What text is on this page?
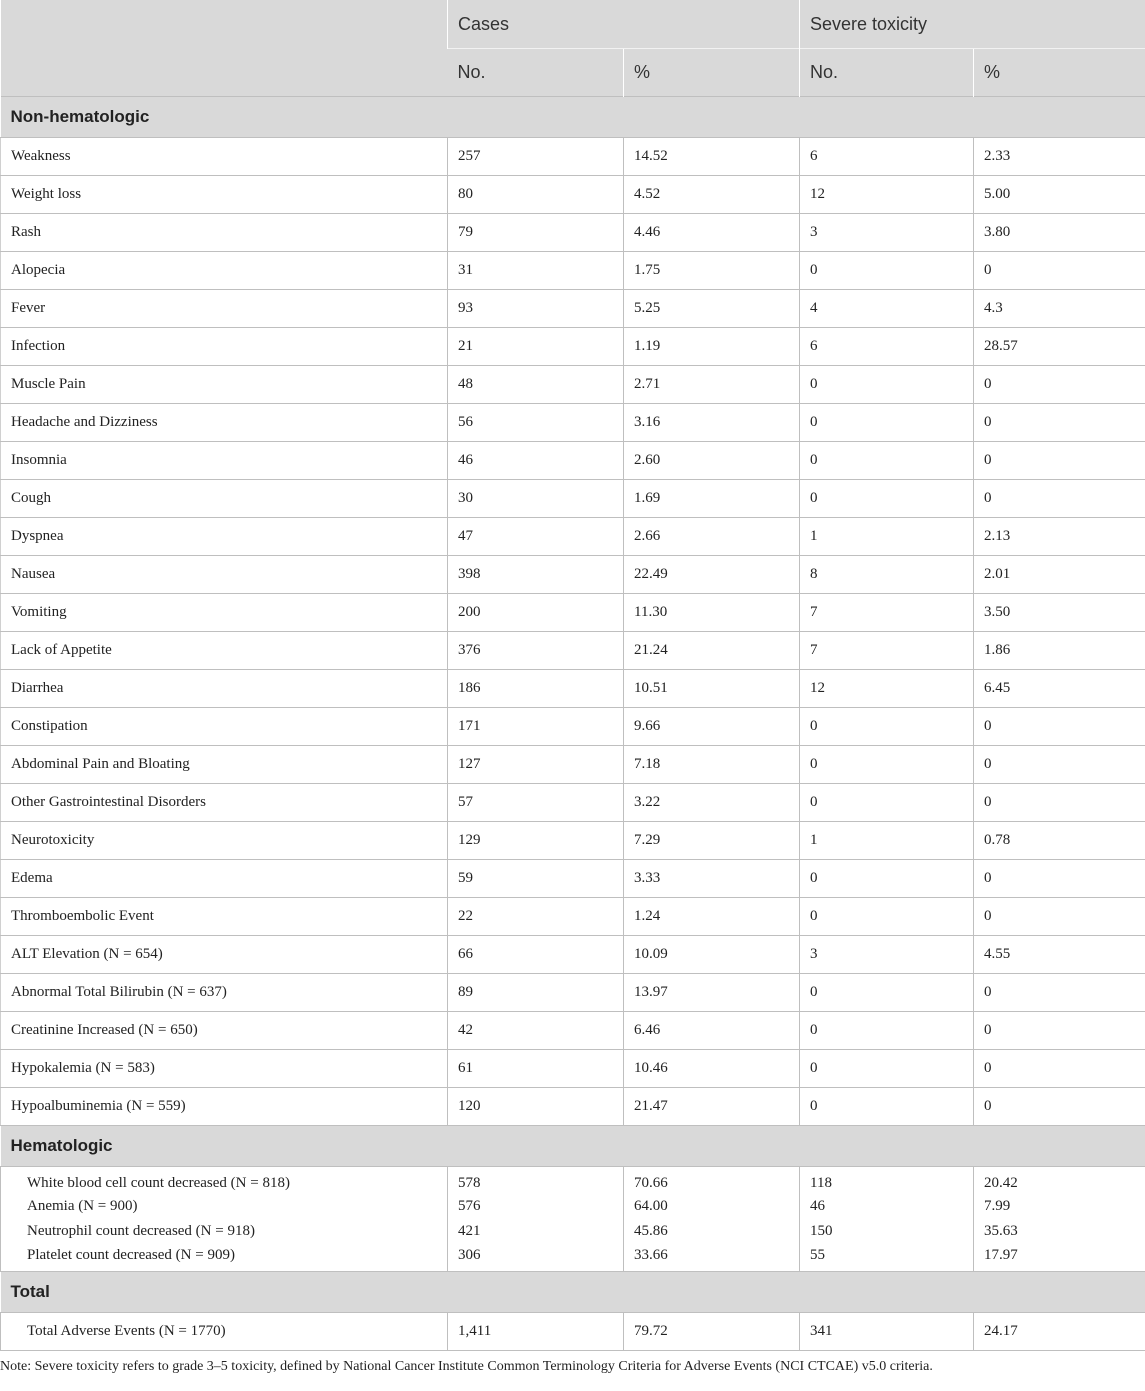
	Cases		Severe toxicity	
	No.	%	No.	%
Non-hematologic				
Weakness	257	14.52	6	2.33
Weight loss	80	4.52	12	5.00
Rash	79	4.46	3	3.80
Alopecia	31	1.75	0	0
Fever	93	5.25	4	4.3
Infection	21	1.19	6	28.57
Muscle Pain	48	2.71	0	0
Headache and Dizziness	56	3.16	0	0
Insomnia	46	2.60	0	0
Cough	30	1.69	0	0
Dyspnea	47	2.66	1	2.13
Nausea	398	22.49	8	2.01
Vomiting	200	11.30	7	3.50
Lack of Appetite	376	21.24	7	1.86
Diarrhea	186	10.51	12	6.45
Constipation	171	9.66	0	0
Abdominal Pain and Bloating	127	7.18	0	0
Other Gastrointestinal Disorders	57	3.22	0	0
Neurotoxicity	129	7.29	1	0.78
Edema	59	3.33	0	0
Thromboembolic Event	22	1.24	0	0
ALT Elevation (N = 654)	66	10.09	3	4.55
Abnormal Total Bilirubin (N = 637)	89	13.97	0	0
Creatinine Increased (N = 650)	42	6.46	0	0
Hypokalemia (N = 583)	61	10.46	0	0
Hypoalbuminemia (N = 559)	120	21.47	0	0
Hematologic				
White blood cell count decreased (N = 818)	578	70.66	118	20.42
Anemia (N = 900)	576	64.00	46	7.99
Neutrophil count decreased (N = 918)	421	45.86	150	35.63
Platelet count decreased (N = 909)	306	33.66	55	17.97
Total				
Total Adverse Events (N = 1770)	1,411	79.72	341	24.17
Note: Severe toxicity refers to grade 3–5 toxicity, defined by National Cancer Institute Common Terminology Criteria for Adverse Events (NCI CTCAE) v5.0 criteria.
